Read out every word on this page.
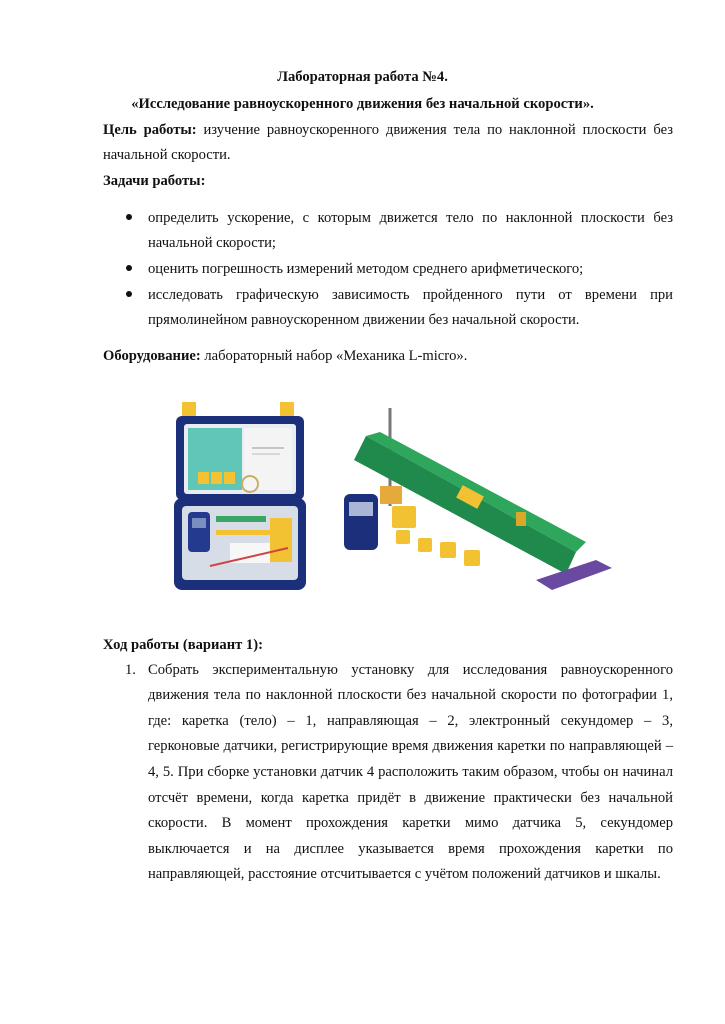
Лабораторная работа №4.
«Исследование равноускоренного движения без начальной скорости».
Цель работы: изучение равноускоренного движения тела по наклонной плоскости без
начальной скорости.
Задачи работы:
определить ускорение, с которым движется тело по наклонной плоскости без
начальной скорости;
оценить погрешность измерений методом среднего арифметического;
исследовать графическую зависимость пройденного пути от времени при
прямолинейном равноускоренном движении без начальной скорости.
Оборудование: лабораторный набор «Механика L-micro».
Ход работы (вариант 1):
1. Собрать экспериментальную установку для исследования равноускоренного
движения тела по наклонной плоскости без начальной скорости по фотографии 1,
где: каретка (тело) – 1, направляющая – 2, электронный секундомер – 3,
герконовые датчики, регистрирующие время движения каретки по направляющей –
4, 5. При сборке установки датчик 4 расположить таким образом, чтобы он начинал
отсчёт времени, когда каретка придёт в движение практически без начальной
скорости. В момент прохождения каретки мимо датчика 5, секундомер
выключается и на дисплее указывается время прохождения каретки по
направляющей, расстояние отсчитывается с учётом положений датчиков и шкалы.
